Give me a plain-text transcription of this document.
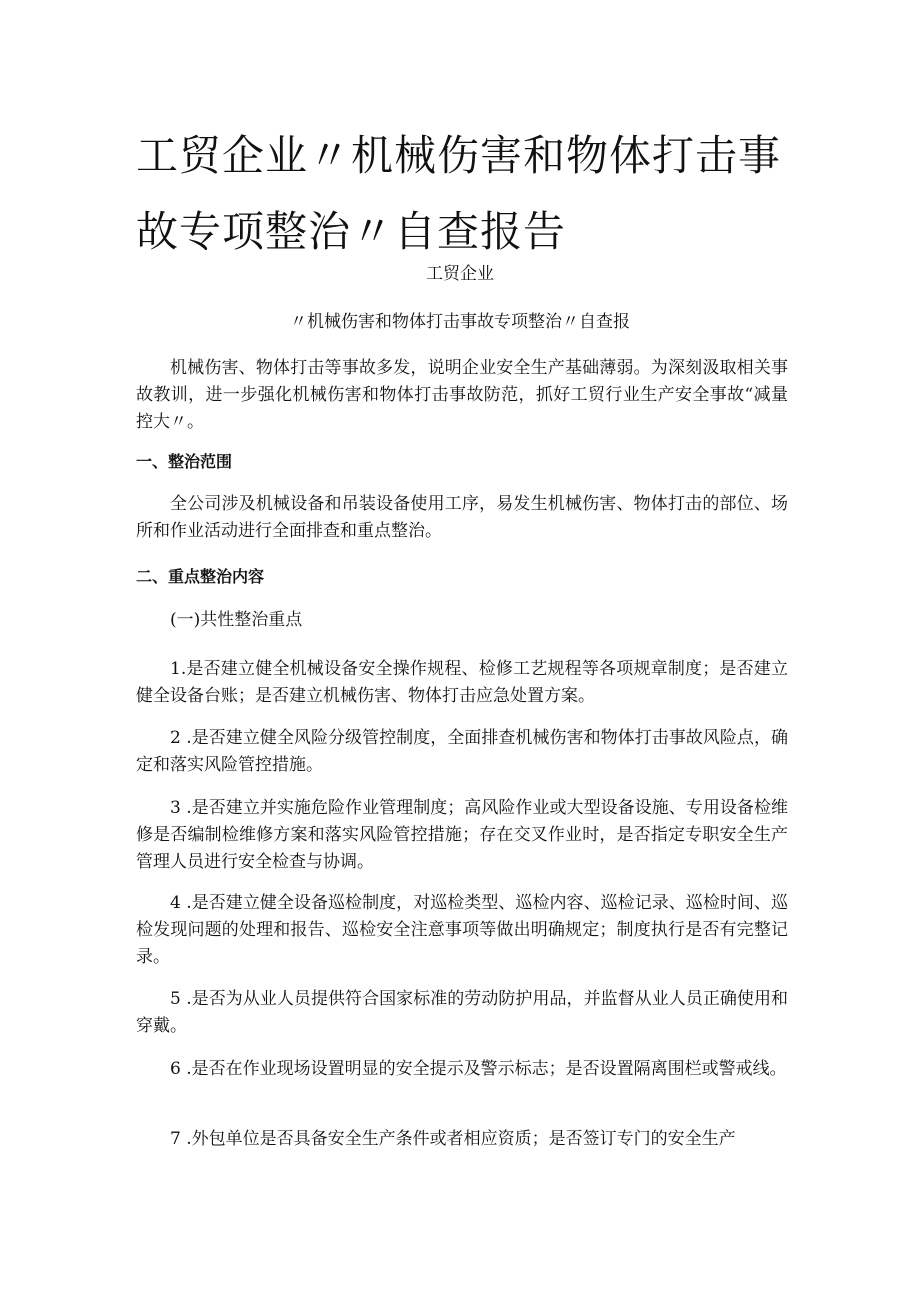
工贸企业〃机械伤害和物体打击事
故专项整治〃自查报告
工贸企业
〃机械伤害和物体打击事故专项整治〃自查报
机械伤害、物体打击等事故多发，说明企业安全生产基础薄弱。为深刻汲取相关事故教训，进一步强化机械伤害和物体打击事故防范，抓好工贸行业生产安全事故“减量控大〃。
一、整治范围
全公司涉及机械设备和吊装设备使用工序，易发生机械伤害、物体打击的部位、场所和作业活动进行全面排查和重点整治。
二、重点整治内容
(一)共性整治重点
1.是否建立健全机械设备安全操作规程、检修工艺规程等各项规章制度；是否建立健全设备台账；是否建立机械伤害、物体打击应急处置方案。
2 .是否建立健全风险分级管控制度，全面排查机械伤害和物体打击事故风险点，确定和落实风险管控措施。
3 .是否建立并实施危险作业管理制度；高风险作业或大型设备设施、专用设备检维修是否编制检维修方案和落实风险管控措施；存在交叉作业时，是否指定专职安全生产管理人员进行安全检查与协调。
4 .是否建立健全设备巡检制度，对巡检类型、巡检内容、巡检记录、巡检时间、巡检发现问题的处理和报告、巡检安全注意事项等做出明确规定；制度执行是否有完整记录。
5 .是否为从业人员提供符合国家标准的劳动防护用品，并监督从业人员正确使用和穿戴。
6 .是否在作业现场设置明显的安全提示及警示标志；是否设置隔离围栏或警戒线。
7 .外包单位是否具备安全生产条件或者相应资质；是否签订专门的安全生产
